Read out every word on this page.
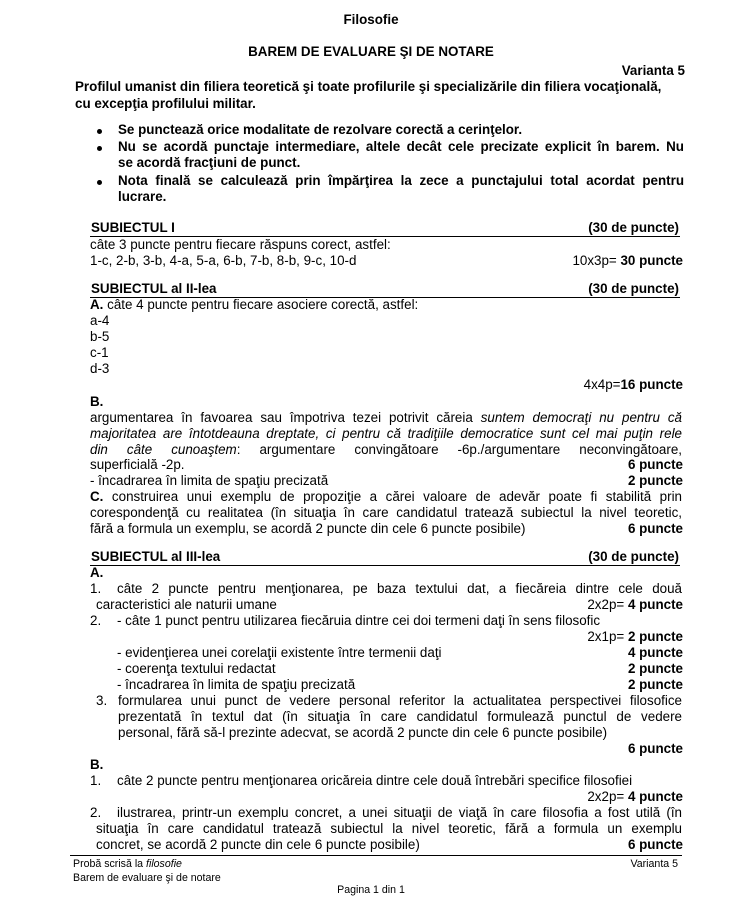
Filosofie
BAREM DE EVALUARE ŞI DE NOTARE
Varianta 5
Profilul umanist din filiera teoretică şi toate profilurile şi specializările din filiera vocaţională,
cu excepţia profilului militar.
Se punctează orice modalitate de rezolvare corectă a cerinţelor.
Nu se acordă punctaje intermediare, altele decât cele precizate explicit în barem. Nu
se acordă fracţiuni de punct.
Nota finală se calculează prin împărţirea la zece a punctajului total acordat pentru
lucrare.
SUBIECTUL I	(30 de puncte)
câte 3 puncte pentru fiecare răspuns corect, astfel:
1-c, 2-b, 3-b, 4-a, 5-a, 6-b, 7-b, 8-b, 9-c, 10-d	10x3p= 30 puncte
SUBIECTUL al II-lea	(30 de puncte)
A. câte 4 puncte pentru fiecare asociere corectă, astfel:
a-4
b-5
c-1
d-3
4x4p=16 puncte
B.
argumentarea în favoarea sau împotriva tezei potrivit căreia suntem democraţi nu pentru că
majoritatea are întotdeauna dreptate, ci pentru că tradiţiile democratice sunt cel mai puţin rele
din câte cunoaştem: argumentare convingătoare -6p./argumentare neconvingătoare,
superficială -2p.	6 puncte
- încadrarea în limita de spaţiu precizată	2 puncte
C. construirea unui exemplu de propoziţie a cărei valoare de adevăr poate fi stabilită prin
corespondenţă cu realitatea (în situaţia în care candidatul tratează subiectul la nivel teoretic,
fără a formula un exemplu, se acordă 2 puncte din cele 6 puncte posibile)	6 puncte
SUBIECTUL al III-lea	(30 de puncte)
A.
1. câte 2 puncte pentru menţionarea, pe baza textului dat, a fiecăreia dintre cele două
caracteristici ale naturii umane	2x2p= 4 puncte
2. - câte 1 punct pentru utilizarea fiecăruia dintre cei doi termeni daţi în sens filosofic
2x1p= 2 puncte
- evidenţierea unei corelaţii existente între termenii daţi	4 puncte
- coerenţa textului redactat	2 puncte
- încadrarea în limita de spaţiu precizată	2 puncte
3. formularea unui punct de vedere personal referitor la actualitatea perspectivei filosofice
prezentată în textul dat (în situaţia în care candidatul formulează punctul de vedere
personal, fără să-l prezinte adecvat, se acordă 2 puncte din cele 6 puncte posibile)
6 puncte
B.
1. câte 2 puncte pentru menţionarea oricăreia dintre cele două întrebări specifice filosofiei
2x2p= 4 puncte
2. ilustrarea, printr-un exemplu concret, a unei situaţii de viaţă în care filosofia a fost utilă (în
situaţia în care candidatul tratează subiectul la nivel teoretic, fără a formula un exemplu
concret, se acordă 2 puncte din cele 6 puncte posibile)	6 puncte
Probă scrisă la filosofie	Varianta 5
Barem de evaluare şi de notare
Pagina 1 din 1
